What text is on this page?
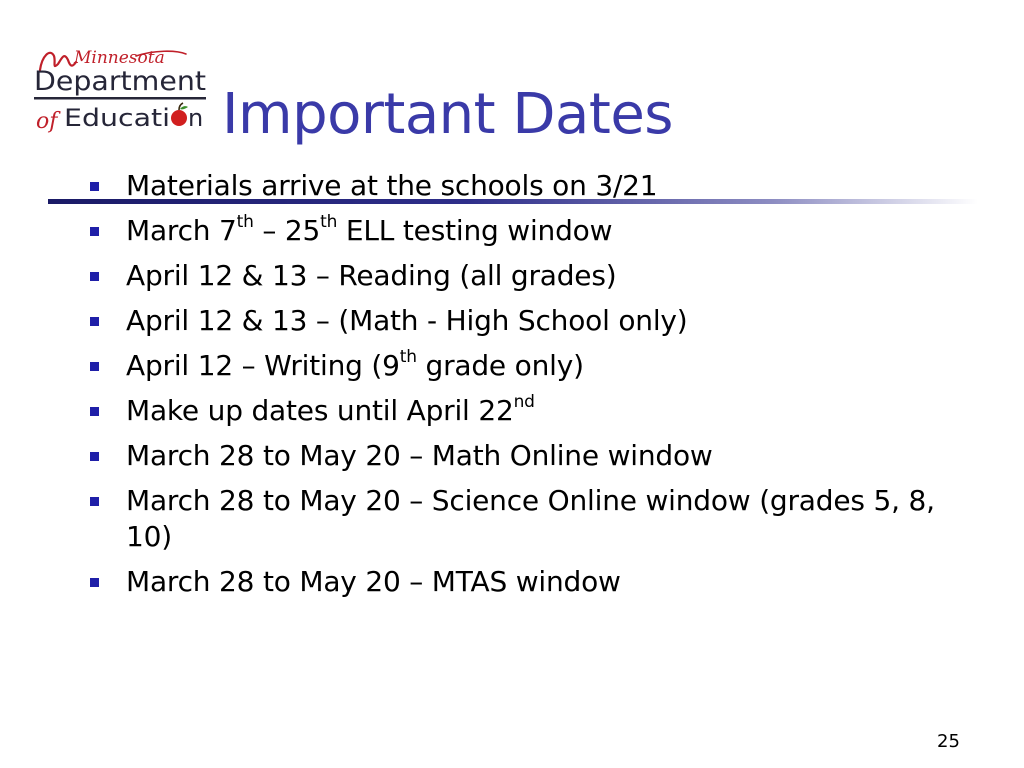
Minnesota
Department
of Educati n Important Dates
Materials arrive at the schools on 3/21
March 7th – 25th ELL testing window
April 12 & 13 – Reading (all grades)
April 12 & 13 – (Math - High School only)
April 12 – Writing (9th grade only)
Make up dates until April 22nd
March 28 to May 20 – Math Online window
March 28 to May 20 – Science Online window (grades 5, 8, 10)
March 28 to May 20 – MTAS window
25
